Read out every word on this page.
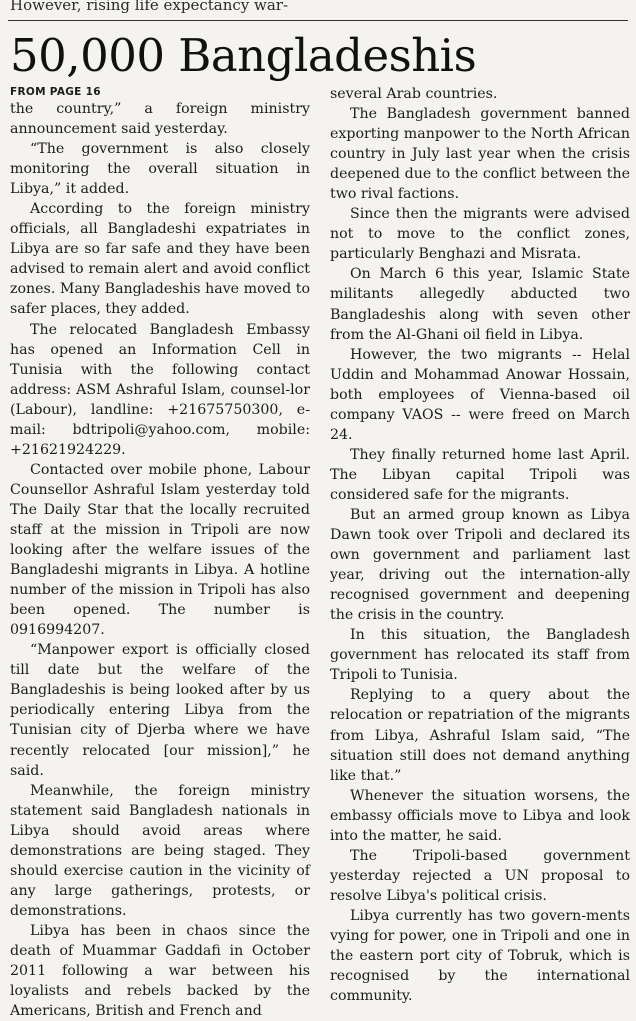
However, rising life expectancy war-
50,000 Bangladeshis
FROM PAGE 16

the country,” a foreign ministry announcement said yesterday.

“The government is also closely monitoring the overall situation in Libya,” it added.

According to the foreign ministry officials, all Bangladeshi expatriates in Libya are so far safe and they have been advised to remain alert and avoid conflict zones. Many Bangladeshis have moved to safer places, they added.

The relocated Bangladesh Embassy has opened an Information Cell in Tunisia with the following contact address: ASM Ashraful Islam, counsel-lor (Labour), landline: +21675750300, e-mail: bdtripoli@yahoo.com, mobile: +21621924229.

Contacted over mobile phone, Labour Counsellor Ashraful Islam yesterday told The Daily Star that the locally recruited staff at the mission in Tripoli are now looking after the welfare issues of the Bangladeshi migrants in Libya. A hotline number of the mission in Tripoli has also been opened. The number is 0916994207.

“Manpower export is officially closed till date but the welfare of the Bangladeshis is being looked after by us periodically entering Libya from the Tunisian city of Djerba where we have recently relocated [our mission],” he said.

Meanwhile, the foreign ministry statement said Bangladesh nationals in Libya should avoid areas where demonstrations are being staged. They should exercise caution in the vicinity of any large gatherings, protests, or demonstrations.

Libya has been in chaos since the death of Muammar Gaddafi in October 2011 following a war between his loyalists and rebels backed by the Americans, British and French and

several Arab countries.

The Bangladesh government banned exporting manpower to the North African country in July last year when the crisis deepened due to the conflict between the two rival factions.

Since then the migrants were advised not to move to the conflict zones, particularly Benghazi and Misrata.

On March 6 this year, Islamic State militants allegedly abducted two Bangladeshis along with seven other from the Al-Ghani oil field in Libya.

However, the two migrants -- Helal Uddin and Mohammad Anowar Hossain, both employees of Vienna-based oil company VAOS -- were freed on March 24.

They finally returned home last April. The Libyan capital Tripoli was considered safe for the migrants.

But an armed group known as Libya Dawn took over Tripoli and declared its own government and parliament last year, driving out the internation-ally recognised government and deepening the crisis in the country.

In this situation, the Bangladesh government has relocated its staff from Tripoli to Tunisia.

Replying to a query about the relocation or repatriation of the migrants from Libya, Ashraful Islam said, “The situation still does not demand anything like that.”

Whenever the situation worsens, the embassy officials move to Libya and look into the matter, he said.

The Tripoli-based government yesterday rejected a UN proposal to resolve Libya's political crisis.

Libya currently has two govern-ments vying for power, one in Tripoli and one in the eastern port city of Tobruk, which is recognised by the international community.
